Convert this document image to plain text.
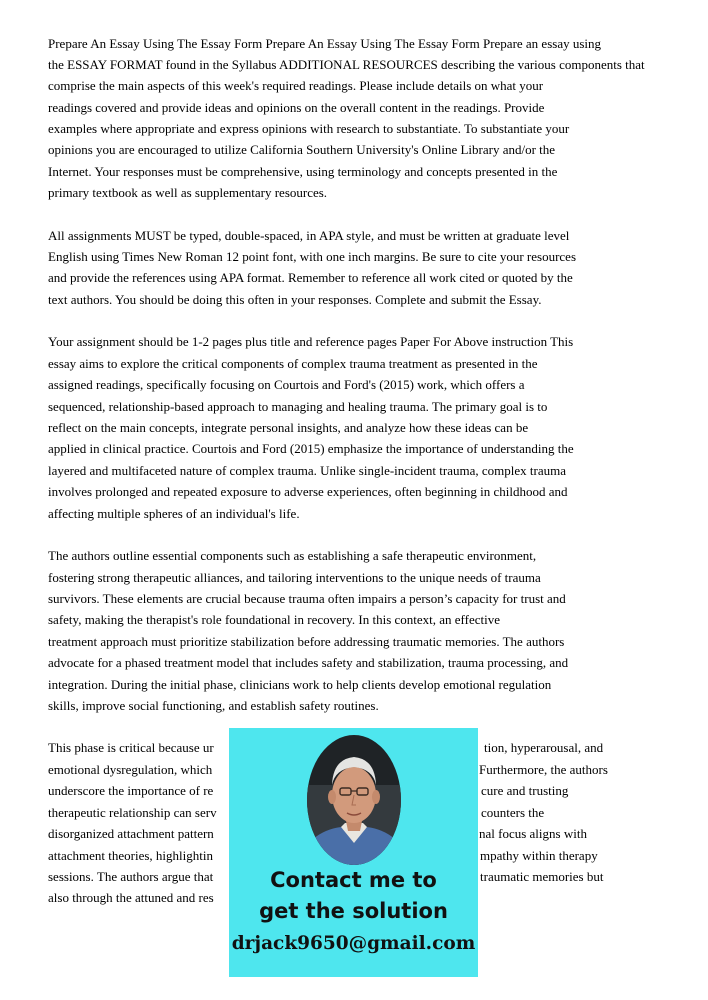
Prepare An Essay Using The Essay Form Prepare An Essay Using The Essay Form Prepare an essay using
the ESSAY FORMAT found in the Syllabus ADDITIONAL RESOURCES describing the various components that
comprise the main aspects of this week's required readings. Please include details on what your
readings covered and provide ideas and opinions on the overall content in the readings. Provide
examples where appropriate and express opinions with research to substantiate. To substantiate your
opinions you are encouraged to utilize California Southern University's Online Library and/or the
Internet. Your responses must be comprehensive, using terminology and concepts presented in the
primary textbook as well as supplementary resources.
All assignments MUST be typed, double-spaced, in APA style, and must be written at graduate level
English using Times New Roman 12 point font, with one inch margins. Be sure to cite your resources
and provide the references using APA format. Remember to reference all work cited or quoted by the
text authors. You should be doing this often in your responses. Complete and submit the Essay.
Your assignment should be 1-2 pages plus title and reference pages Paper For Above instruction This
essay aims to explore the critical components of complex trauma treatment as presented in the
assigned readings, specifically focusing on Courtois and Ford's (2015) work, which offers a
sequenced, relationship-based approach to managing and healing trauma. The primary goal is to
reflect on the main concepts, integrate personal insights, and analyze how these ideas can be
applied in clinical practice. Courtois and Ford (2015) emphasize the importance of understanding the
layered and multifaceted nature of complex trauma. Unlike single-incident trauma, complex trauma
involves prolonged and repeated exposure to adverse experiences, often beginning in childhood and
affecting multiple spheres of an individual's life.
The authors outline essential components such as establishing a safe therapeutic environment,
fostering strong therapeutic alliances, and tailoring interventions to the unique needs of trauma
survivors. These elements are crucial because trauma often impairs a person’s capacity for trust and
safety, making the therapist's role foundational in recovery. In this context, an effective
treatment approach must prioritize stabilization before addressing traumatic memories. The authors
advocate for a phased treatment model that includes safety and stabilization, trauma processing, and
integration. During the initial phase, clinicians work to help clients develop emotional regulation
skills, improve social functioning, and establish safety routines.
This phase is critical because ur	tion, hyperarousal, and
emotional dysregulation, which	Furthermore, the authors
underscore the importance of re	cure and trusting
therapeutic relationship can serv	counters the
disorganized attachment pattern	nal focus aligns with
attachment theories, highlightin	mpathy within therapy
sessions. The authors argue that	traumatic memories but
also through the attuned and res
Contact me to
get the solution
drjack9650@gmail.com
